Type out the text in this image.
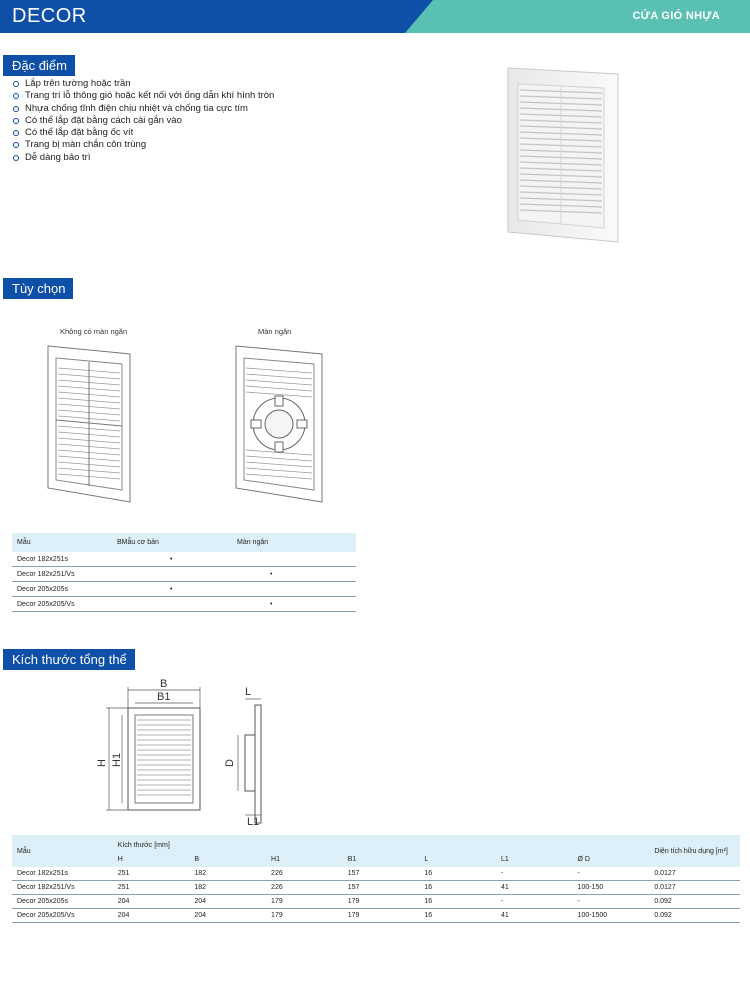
DECOR	CỬA GIÓ NHỰA
Đặc điểm
Lắp trên tường hoặc trần
Trang trí lỗ thông gió hoặc kết nối với ống dẫn khí hình tròn
Nhựa chống tĩnh điện chịu nhiệt và chống tia cực tím
Có thể lắp đặt bằng cách cài gắn vào
Có thể lắp đặt bằng ốc vít
Trang bị màn chắn côn trùng
Dễ dàng bảo trì
Tùy chọn
Không có màn ngăn	Màn ngăn
Mẫu	BMẫu cơ bản	Màn ngăn
Decor 182x251s	•	
Decor 182x251/Vs		•
Decor 205x205s	•	
Decor 205x205/Vs		•
Kích thước tổng thể
B
B1
H H1
L
D
L1
Mẫu	Kích thước [mm]							Diện tích hữu dụng [m²]
	H	B	H1	B1	L	L1	Ø D	
Decor 182x251s	251	182	226	157	16	-	-	0.0127
Decor 182x251/Vs	251	182	226	157	16	41	100-150	0.0127
Decor 205x205s	204	204	179	179	16	-	-	0.092
Decor 205x205/Vs	204	204	179	179	16	41	100-1500	0.092
